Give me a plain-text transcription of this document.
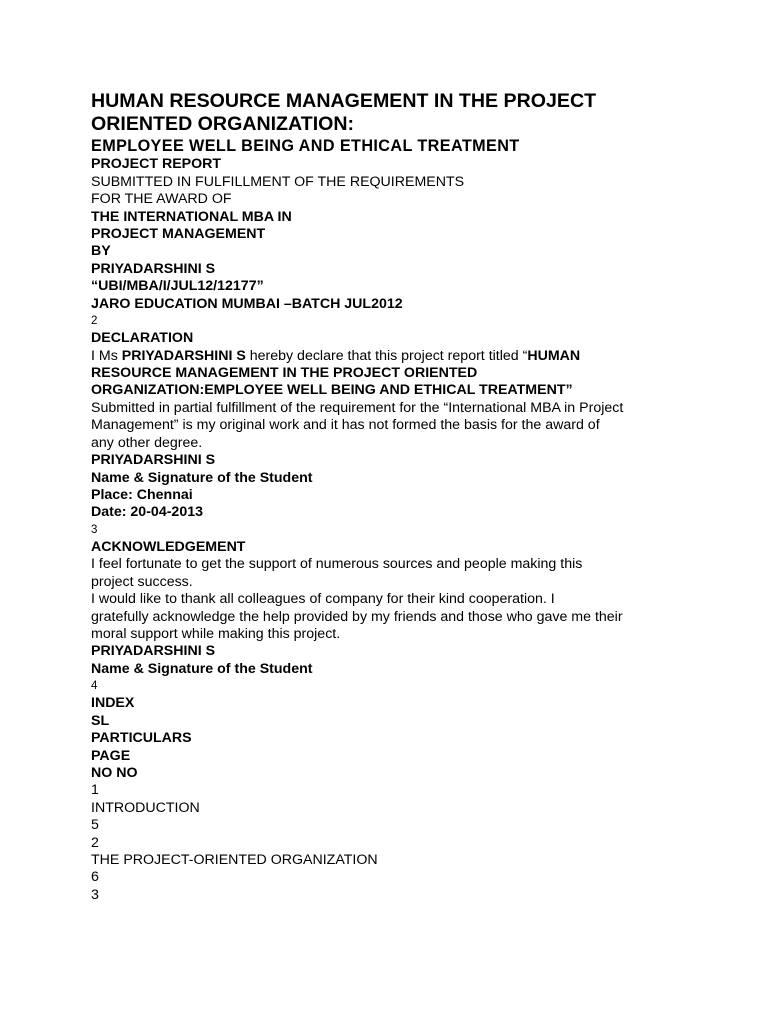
HUMAN RESOURCE MANAGEMENT IN THE PROJECT
ORIENTED ORGANIZATION:
EMPLOYEE WELL BEING AND ETHICAL TREATMENT
PROJECT REPORT
SUBMITTED IN FULFILLMENT OF THE REQUIREMENTS
FOR THE AWARD OF
THE INTERNATIONAL MBA IN
PROJECT MANAGEMENT
BY
PRIYADARSHINI S
“UBI/MBA/I/JUL12/12177”
JARO EDUCATION MUMBAI –BATCH JUL2012
2
DECLARATION
I Ms PRIYADARSHINI S hereby declare that this project report titled “HUMAN
RESOURCE MANAGEMENT IN THE PROJECT ORIENTED
ORGANIZATION:EMPLOYEE WELL BEING AND ETHICAL TREATMENT”
Submitted in partial fulfillment of the requirement for the “International MBA in Project
Management” is my original work and it has not formed the basis for the award of
any other degree.
PRIYADARSHINI S
Name & Signature of the Student
Place: Chennai
Date: 20-04-2013
3
ACKNOWLEDGEMENT
I feel fortunate to get the support of numerous sources and people making this
project success.
I would like to thank all colleagues of company for their kind cooperation. I
gratefully acknowledge the help provided by my friends and those who gave me their
moral support while making this project.
PRIYADARSHINI S
Name & Signature of the Student
4
INDEX
SL
PARTICULARS
PAGE
NO NO
1
INTRODUCTION
5
2
THE PROJECT-ORIENTED ORGANIZATION
6
3
